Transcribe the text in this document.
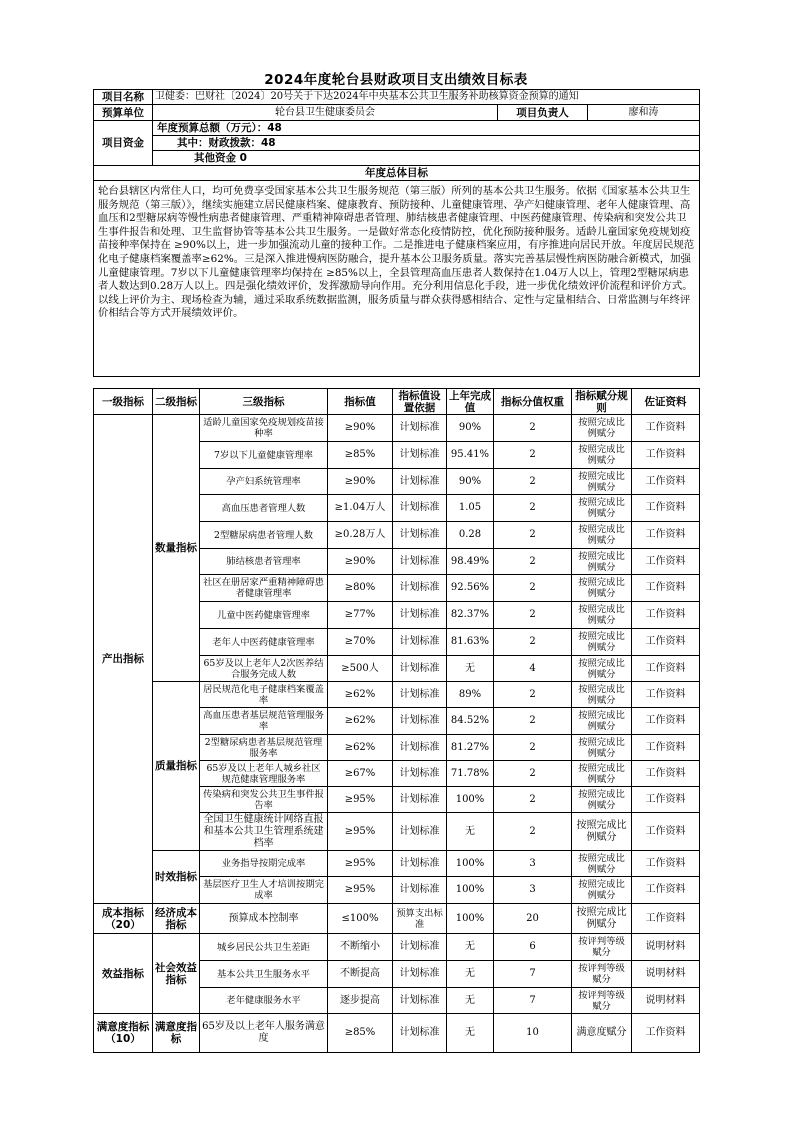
2024年度轮台县财政项目支出绩效目标表
项目名称	卫健委：巴财社〔2024〕20号关于下达2024年中央基本公共卫生服务补助核算资金预算的通知		
预算单位	轮台县卫生健康委员会	项目负责人	廖和涛
项目资金	年度预算总额（万元）：48		
	其中：财政拨款：48		
	其他资金 0		
年度总体目标			
轮台县辖区内常住人口，均可免费享受国家基本公共卫生服务规范（第三版）所列的基本公共卫生服务。依据《国家基本公共卫生服务规范（第三版）》，继续实施建立居民健康档案、健康教育、预防接种、儿童健康管理、孕产妇健康管理、老年人健康管理、高血压和2型糖尿病等慢性病患者健康管理、严重精神障碍患者管理、肺结核患者健康管理、中医药健康管理、传染病和突发公共卫生事件报告和处理、卫生监督协管等基本公共卫生服务。一是做好常态化疫情防控，优化预防接种服务。适龄儿童国家免疫规划疫苗接种率保持在 ≥90%以上，进一步加强流动儿童的接种工作。二是推进电子健康档案应用，有序推进向居民开放。年度居民规范化电子健康档案覆盖率≥62%。三是深入推进慢病医防融合，提升基本公卫服务质量。落实完善基层慢性病医防融合新模式，加强儿童健康管理。7岁以下儿童健康管理率均保持在 ≥85%以上，全县管理高血压患者人数保持在1.04万人以上，管理2型糖尿病患者人数达到0.28万人以上。四是强化绩效评价，发挥激励导向作用。充分利用信息化手段，进一步优化绩效评价流程和评价方式。以线上评价为主、现场检查为辅，通过采取系统数据监测，服务质量与群众获得感相结合、定性与定量相结合、日常监测与年终评价相结合等方式开展绩效评价。			
一级指标	二级指标	三级指标	指标值	指标值设置依据	上年完成值	指标分值权重	指标赋分规则	佐证资料
产出指标	数量指标	适龄儿童国家免疫规划疫苗接种率	≥90%	计划标准	90%	2	按照完成比例赋分	工作资料
		7岁以下儿童健康管理率	≥85%	计划标准	95.41%	2	按照完成比例赋分	工作资料
		孕产妇系统管理率	≥90%	计划标准	90%	2	按照完成比例赋分	工作资料
		高血压患者管理人数	≥1.04万人	计划标准	1.05	2	按照完成比例赋分	工作资料
		2型糖尿病患者管理人数	≥0.28万人	计划标准	0.28	2	按照完成比例赋分	工作资料
		肺结核患者管理率	≥90%	计划标准	98.49%	2	按照完成比例赋分	工作资料
		社区在册居家严重精神障碍患者健康管理率	≥80%	计划标准	92.56%	2	按照完成比例赋分	工作资料
		儿童中医药健康管理率	≥77%	计划标准	82.37%	2	按照完成比例赋分	工作资料
		老年人中医药健康管理率	≥70%	计划标准	81.63%	2	按照完成比例赋分	工作资料
		65岁及以上老年人2次医养结合服务完成人数	≥500人	计划标准	无	4	按照完成比例赋分	工作资料
	质量指标	居民规范化电子健康档案覆盖率	≥62%	计划标准	89%	2	按照完成比例赋分	工作资料
		高血压患者基层规范管理服务率	≥62%	计划标准	84.52%	2	按照完成比例赋分	工作资料
		2型糖尿病患者基层规范管理服务率	≥62%	计划标准	81.27%	2	按照完成比例赋分	工作资料
		65岁及以上老年人城乡社区规范健康管理服务率	≥67%	计划标准	71.78%	2	按照完成比例赋分	工作资料
		传染病和突发公共卫生事件报告率	≥95%	计划标准	100%	2	按照完成比例赋分	工作资料
		全国卫生健康统计网络直报和基本公共卫生管理系统建档率	≥95%	计划标准	无	2	按照完成比例赋分	工作资料
	时效指标	业务指导按期完成率	≥95%	计划标准	100%	3	按照完成比例赋分	工作资料
		基层医疗卫生人才培训按期完成率	≥95%	计划标准	100%	3	按照完成比例赋分	工作资料
成本指标（20）	经济成本指标	预算成本控制率	≤100%	预算支出标准	100%	20	按照完成比例赋分	工作资料
效益指标	社会效益指标	城乡居民公共卫生差距	不断缩小	计划标准	无	6	按评判等级赋分	说明材料
		基本公共卫生服务水平	不断提高	计划标准	无	7	按评判等级赋分	说明材料
		老年健康服务水平	逐步提高	计划标准	无	7	按评判等级赋分	说明材料
满意度指标（10）	满意度指标	65岁及以上老年人服务满意度	≥85%	计划标准	无	10	满意度赋分	工作资料
